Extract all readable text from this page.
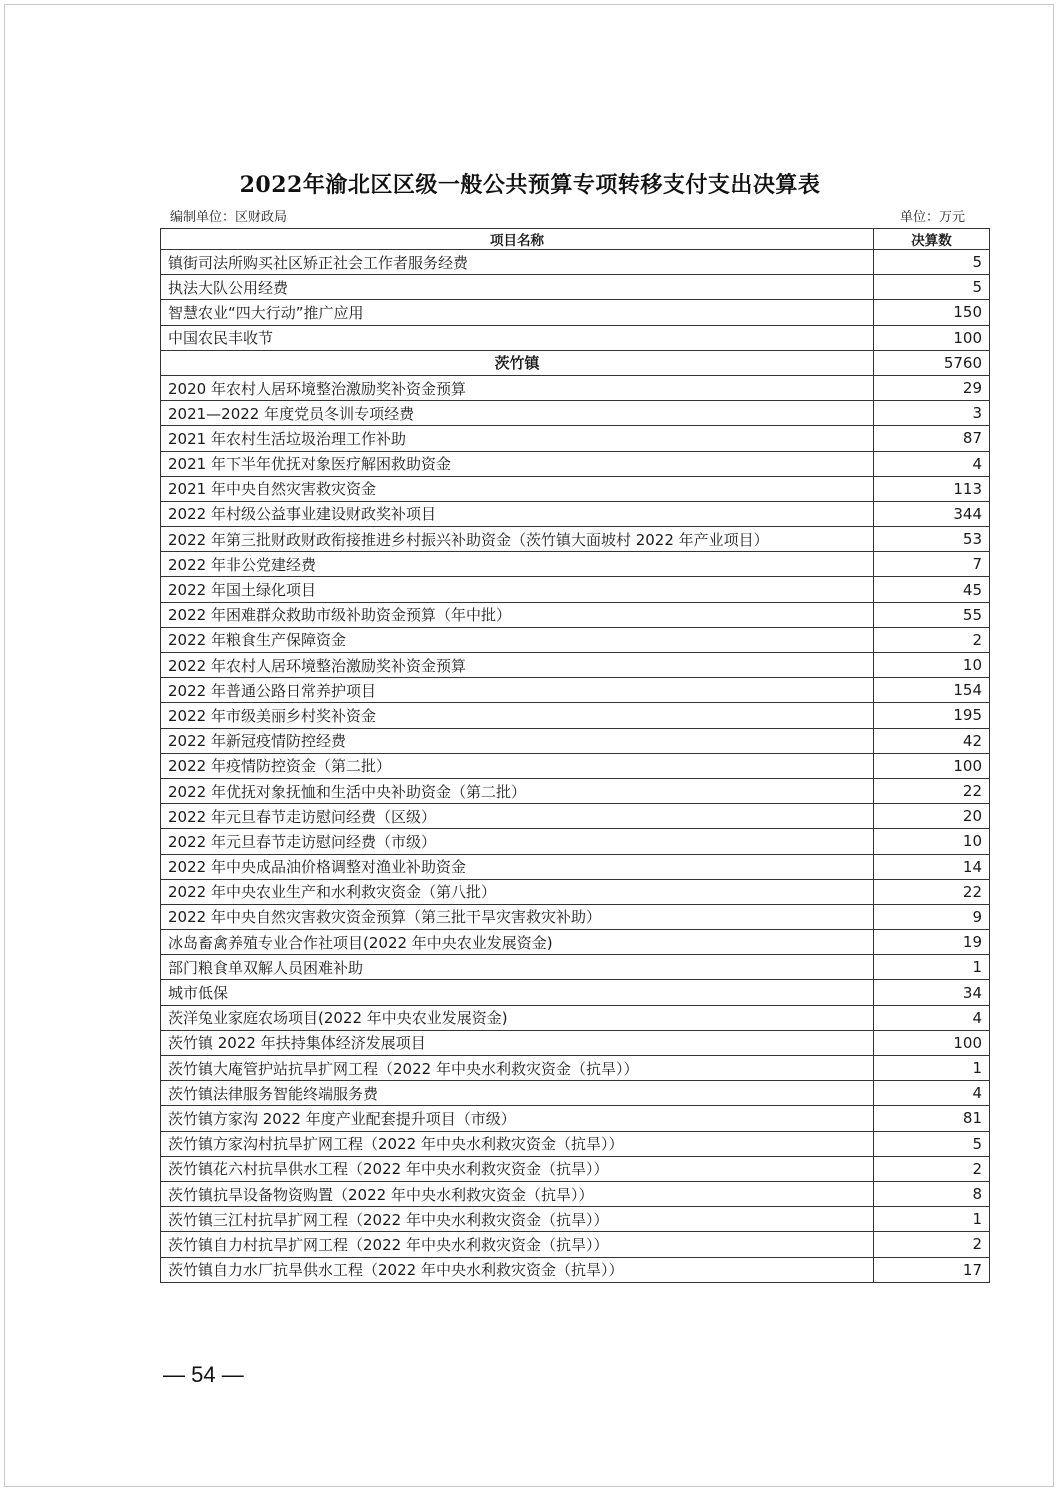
2022年渝北区区级一般公共预算专项转移支付支出决算表
编制单位：区财政局	单位：万元
项目名称	决算数
镇街司法所购买社区矫正社会工作者服务经费	5
执法大队公用经费	5
智慧农业“四大行动”推广应用	150
中国农民丰收节	100
茨竹镇	5760
2020 年农村人居环境整治激励奖补资金预算	29
2021—2022 年度党员冬训专项经费	3
2021 年农村生活垃圾治理工作补助	87
2021 年下半年优抚对象医疗解困救助资金	4
2021 年中央自然灾害救灾资金	113
2022 年村级公益事业建设财政奖补项目	344
2022 年第三批财政财政衔接推进乡村振兴补助资金（茨竹镇大面坡村 2022 年产业项目）	53
2022 年非公党建经费	7
2022 年国土绿化项目	45
2022 年困难群众救助市级补助资金预算（年中批）	55
2022 年粮食生产保障资金	2
2022 年农村人居环境整治激励奖补资金预算	10
2022 年普通公路日常养护项目	154
2022 年市级美丽乡村奖补资金	195
2022 年新冠疫情防控经费	42
2022 年疫情防控资金（第二批）	100
2022 年优抚对象抚恤和生活中央补助资金（第二批）	22
2022 年元旦春节走访慰问经费（区级）	20
2022 年元旦春节走访慰问经费（市级）	10
2022 年中央成品油价格调整对渔业补助资金	14
2022 年中央农业生产和水利救灾资金（第八批）	22
2022 年中央自然灾害救灾资金预算（第三批干旱灾害救灾补助）	9
冰岛畜禽养殖专业合作社项目(2022 年中央农业发展资金)	19
部门粮食单双解人员困难补助	1
城市低保	34
茨洋兔业家庭农场项目(2022 年中央农业发展资金)	4
茨竹镇 2022 年扶持集体经济发展项目	100
茨竹镇大庵管护站抗旱扩网工程（2022 年中央水利救灾资金（抗旱））	1
茨竹镇法律服务智能终端服务费	4
茨竹镇方家沟 2022 年度产业配套提升项目（市级）	81
茨竹镇方家沟村抗旱扩网工程（2022 年中央水利救灾资金（抗旱））	5
茨竹镇花六村抗旱供水工程（2022 年中央水利救灾资金（抗旱））	2
茨竹镇抗旱设备物资购置（2022 年中央水利救灾资金（抗旱））	8
茨竹镇三江村抗旱扩网工程（2022 年中央水利救灾资金（抗旱））	1
茨竹镇自力村抗旱扩网工程（2022 年中央水利救灾资金（抗旱））	2
茨竹镇自力水厂抗旱供水工程（2022 年中央水利救灾资金（抗旱））	17
— 54 —
